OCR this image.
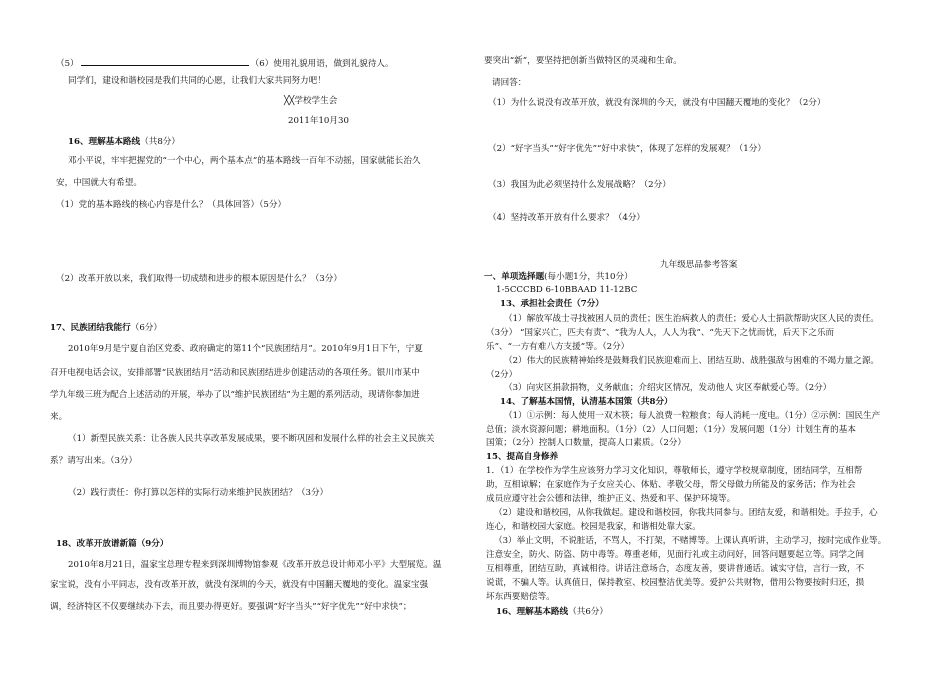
（5）	（6）使用礼貌用语，做到礼貌待人。
同学们，建设和谐校园是我们共同的心愿，让我们大家共同努力吧！
╳╳学校学生会
2011年10月30
16、理解基本路线（共8分）
邓小平说，牢牢把握党的“一个中心，两个基本点”的基本路线一百年不动摇，国家就能长治久
安，中国就大有希望。
（1）党的基本路线的核心内容是什么？（具体回答）（5分）
（2）改革开放以来，我们取得一切成绩和进步的根本原因是什么？（3分）
17、民族团结我能行（6分）
2010年9月是宁夏自治区党委、政府确定的第11个“民族团结月”。2010年9月1日下午，宁夏
召开电视电话会议，安排部署“民族团结月”活动和民族团结进步创建活动的各项任务。银川市某中
学九年级三班为配合上述活动的开展，举办了以“维护民族团结”为主题的系列活动，现请你参加进
来。
（1）新型民族关系：让各族人民共享改革发展成果，要不断巩固和发展什么样的社会主义民族关
系？请写出来。（3分）
（2）践行责任：你打算以怎样的实际行动来维护民族团结？（3分）
18、改革开放谱新篇（9分）
2010年8月21日，温家宝总理专程来到深圳博物馆参观《改革开放总设计师邓小平》大型展览。温
家宝说，没有小平同志，没有改革开放，就没有深圳的今天，就没有中国翻天覆地的变化。温家宝强
调，经济特区不仅要继续办下去，而且要办得更好。要强调“好字当头”“好字优先”“好中求快”；
要突出“新”，要坚持把创新当做特区的灵魂和生命。
请回答：
（1）为什么说没有改革开放，就没有深圳的今天，就没有中国翻天覆地的变化？（2分）
（2）“好字当头”“好字优先”“好中求快”，体现了怎样的发展观？（1分）
（3）我国为此必须坚持什么发展战略？（2分）
（4）坚持改革开放有什么要求？（4分）
九年级思品参考答案
一、单项选择题(每小题1分，共10分）
1-5CCCBD 6-10BBAAD 11-12BC
13、承担社会责任（7分）
（1）解放军战士寻找被困人员的责任；医生治病救人的责任；爱心人士捐款帮助灾区人民的责任。
（3分） “国家兴亡，匹夫有责”、“我为人人，人人为我”、“先天下之忧而忧，后天下之乐而
乐”、“一方有难八方支援”等。（2分）
（2）伟大的民族精神始终是鼓舞我们民族迎难而上、团结互助、战胜强敌与困难的不竭力量之源。
（2分）
（3）向灾区捐款捐物，义务献血；介绍灾区情况，发动他人 灾区奉献爱心等。（2分）
14、了解基本国情，认清基本国策（共8分）
（1）①示例：每人使用一双木筷；每人浪费一粒粮食；每人消耗一度电。（1分）②示例：国民生产
总值；淡水资源问题；耕地面积。（1分）（2）人口问题；（1分）发展问题（1分）计划生育的基本
国策；（2分）控制人口数量，提高人口素质。（2分）
15、提高自身修养
1．（1）在学校作为学生应该努力学习文化知识，尊敬师长，遵守学校规章制度，团结同学，互相帮
助，互相谅解；在家庭作为子女应关心、体贴、孝敬父母，帮父母做力所能及的家务活；作为社会
成员应遵守社会公德和法律，维护正义、热爱和平、保护环境等。
（2）建设和谐校园，从你我做起。建设和谐校园，你我共同参与。团结友爱，和谐相处。手拉手，心
连心，和谐校园大家庭。校园是我家，和谐相处靠大家。
（3）举止文明，不说脏话，不骂人，不打架，不赌博等。上课认真听讲，主动学习，按时完成作业等。
注意安全，防火、防盗、防中毒等。尊重老师，见面行礼或主动问好，回答问题要起立等。同学之间
互相尊重，团结互助，真诚相待。讲话注意场合，态度友善，要讲普通话。诚实守信，言行一致，不
说谎，不骗人等。认真值日，保持教室、校园整洁优美等。爱护公共财物，借用公物要按时归还，损
坏东西要赔偿等。
16、理解基本路线（共6分）
